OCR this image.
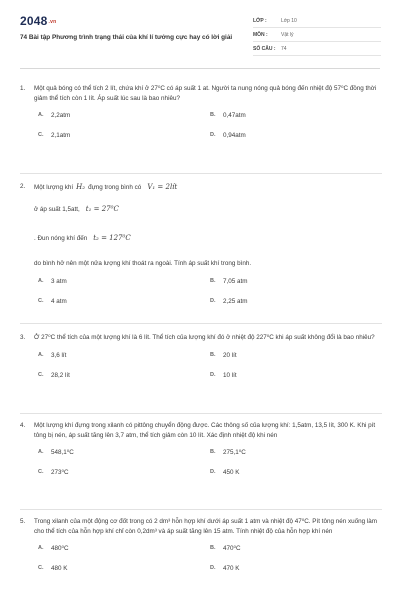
2048.vn
74 Bài tập Phương trình trạng thái của khí lí tưởng cực hay có lời giải
LỚP :	Lớp 10
MÔN :	Vật lý
SỐ CÂU :	74
1.	Một quả bóng có thể tích 2 lít, chứa khí ở 27⁰C có áp suất 1 at. Người ta nung nóng quả bóng đến nhiệt độ 57⁰C đồng thời giảm thể tích còn 1 lít. Áp suất lúc sau là bao nhiêu?
A.	2,2atm	B.	0,47atm
C.	2,1atm	D.	0,94atm
2.	Một lượng khí H₂ đựng trong bình có V₁ = 2lít
ở áp suất 1,5att, t₁ = 27⁰C
. Đun nóng khí đến t₂ = 127⁰C
do bình hở nên một nửa lượng khí thoát ra ngoài. Tính áp suất khí trong bình.
A.	3 atm	B.	7,05 atm
C.	4 atm	D.	2,25 atm
3.	Ở 27⁰C thể tích của một lượng khí là 6 lít. Thể tích của lượng khí đó ở nhiệt độ 227⁰C khi áp suất không đổi là bao nhiêu?
A.	3,6 lít	B.	20 lít
C.	28,2 lít	D.	10 lít
4.	Một lượng khí đựng trong xilanh có pittông chuyển động được. Các thông số của lượng khí: 1,5atm, 13,5 lít, 300 K. Khi pít tông bị nén, áp suất tăng lên 3,7 atm, thể tích giảm còn 10 lít. Xác định nhiệt độ khi nén
A.	548,1⁰C	B.	275,1⁰C
C.	273⁰C	D.	450 K
5.	Trong xilanh của một động cơ đốt trong có 2 dm³ hỗn hợp khí dưới áp suất 1 atm và nhiệt độ 47⁰C. Pít tông nén xuống làm cho thể tích của hỗn hợp khí chỉ còn 0,2dm³ và áp suất tăng lên 15 atm. Tính nhiệt độ của hỗn hợp khí nén
A.	480⁰C	B.	470⁰C
C.	480 K	D.	470 K
